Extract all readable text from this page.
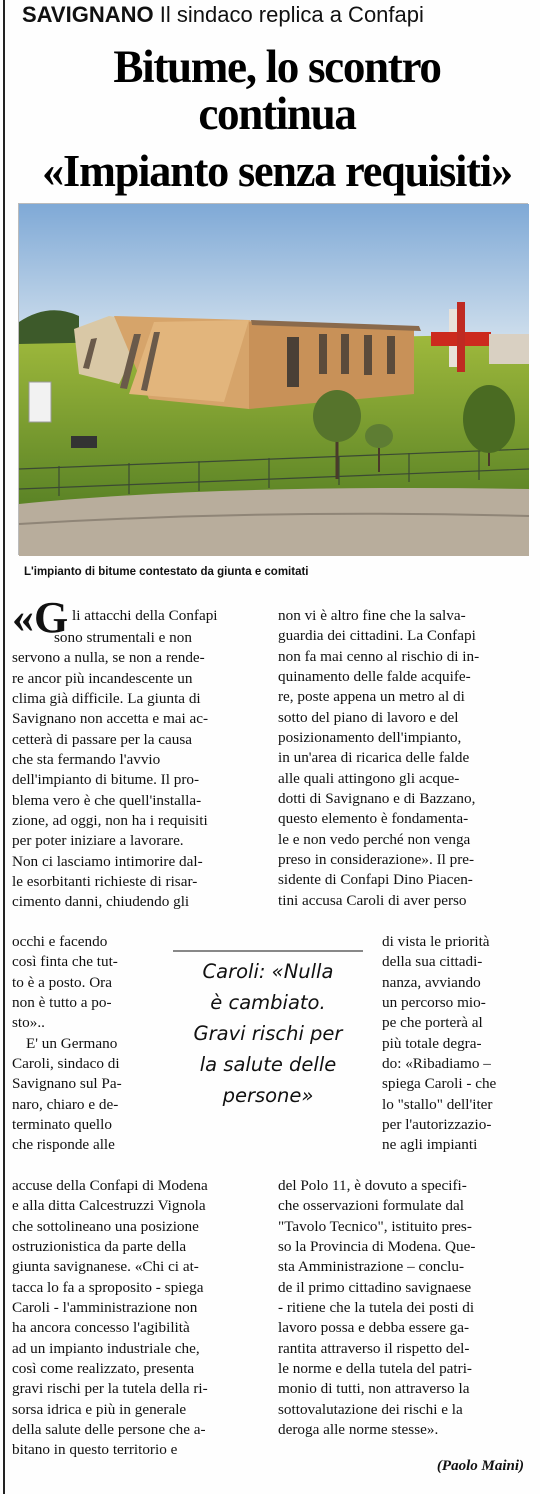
SAVIGNANO Il sindaco replica a Confapi
Bitume, lo scontro continua
«Impianto senza requisiti»
L'impianto di bitume contestato da giunta e comitati
«G li attacchi della Confapi
sono strumentali e non
servono a nulla, se non a rende-
re ancor più incandescente un
clima già difficile. La giunta di
Savignano non accetta e mai ac-
cetterà di passare per la causa
che sta fermando l'avvio
dell'impianto di bitume. Il pro-
blema vero è che quell'installa-
zione, ad oggi, non ha i requisiti
per poter iniziare a lavorare.
Non ci lasciamo intimorire dal-
le esorbitanti richieste di risar-
cimento danni, chiudendo gli
occhi e facendo
così finta che tut-
to è a posto. Ora
non è tutto a po-
sto»..
E' un Germano
Caroli, sindaco di
Savignano sul Pa-
naro, chiaro e de-
terminato quello
che risponde alle
accuse della Confapi di Modena
e alla ditta Calcestruzzi Vignola
che sottolineano una posizione
ostruzionistica da parte della
giunta savignanese. «Chi ci at-
tacca lo fa a sproposito - spiega
Caroli - l'amministrazione non
ha ancora concesso l'agibilità
ad un impianto industriale che,
così come realizzato, presenta
gravi rischi per la tutela della ri-
sorsa idrica e più in generale
della salute delle persone che a-
bitano in questo territorio e
non vi è altro fine che la salva-
guardia dei cittadini. La Confapi
non fa mai cenno al rischio di in-
quinamento delle falde acquife-
re, poste appena un metro al di
sotto del piano di lavoro e del
posizionamento dell'impianto,
in un'area di ricarica delle falde
alle quali attingono gli acque-
dotti di Savignano e di Bazzano,
questo elemento è fondamenta-
le e non vedo perché non venga
preso in considerazione». Il pre-
sidente di Confapi Dino Piacen-
tini accusa Caroli di aver perso
di vista le priorità
della sua cittadi-
nanza, avviando
un percorso mio-
pe che porterà al
più totale degra-
do: «Ribadiamo –
spiega Caroli - che
lo "stallo" dell'iter
per l'autorizzazio-
ne agli impianti
del Polo 11, è dovuto a specifi-
che osservazioni formulate dal
"Tavolo Tecnico", istituito pres-
so la Provincia di Modena. Que-
sta Amministrazione – conclu-
de il primo cittadino savignaese
- ritiene che la tutela dei posti di
lavoro possa e debba essere ga-
rantita attraverso il rispetto del-
le norme e della tutela del patri-
monio di tutti, non attraverso la
sottovalutazione dei rischi e la
deroga alle norme stesse».
Caroli: «Nulla
è cambiato.
Gravi rischi per
la salute delle
persone»
(Paolo Maini)
